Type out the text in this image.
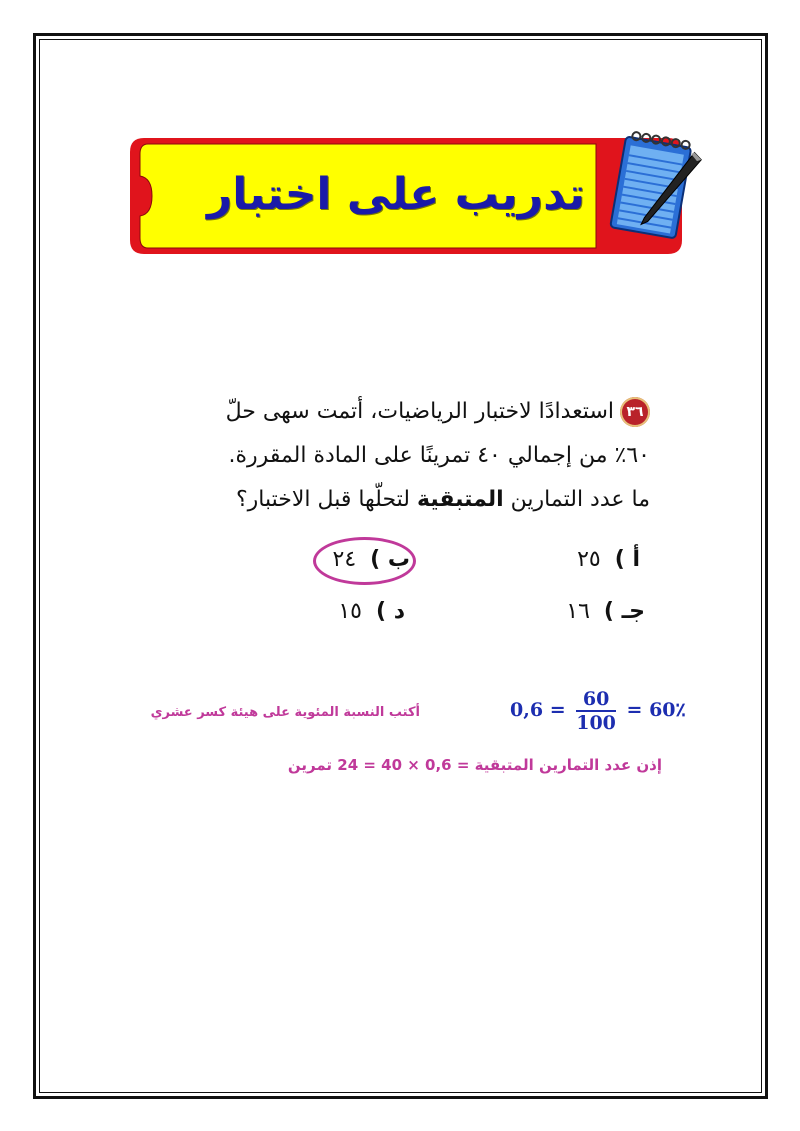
تدريب على اختبار
٣٦استعدادًا لاختبار الرياضيات، أتمت سهى حلّ
٦٠٪ من إجمالي ٤٠ تمرينًا على المادة المقررة.
ما عدد التمارين المتبقية لتحلّها قبل الاختبار؟
أ )  ٢٥
ب )  ٢٤
جـ )  ١٦
د )  ١٥
أكتب النسبة المئوية على هيئة كسر عشري	$0,6 = \frac{60}{100}$ = 60٪
إذن عدد التمارين المتبقية = 0,6 × 40 = 24 تمرين
